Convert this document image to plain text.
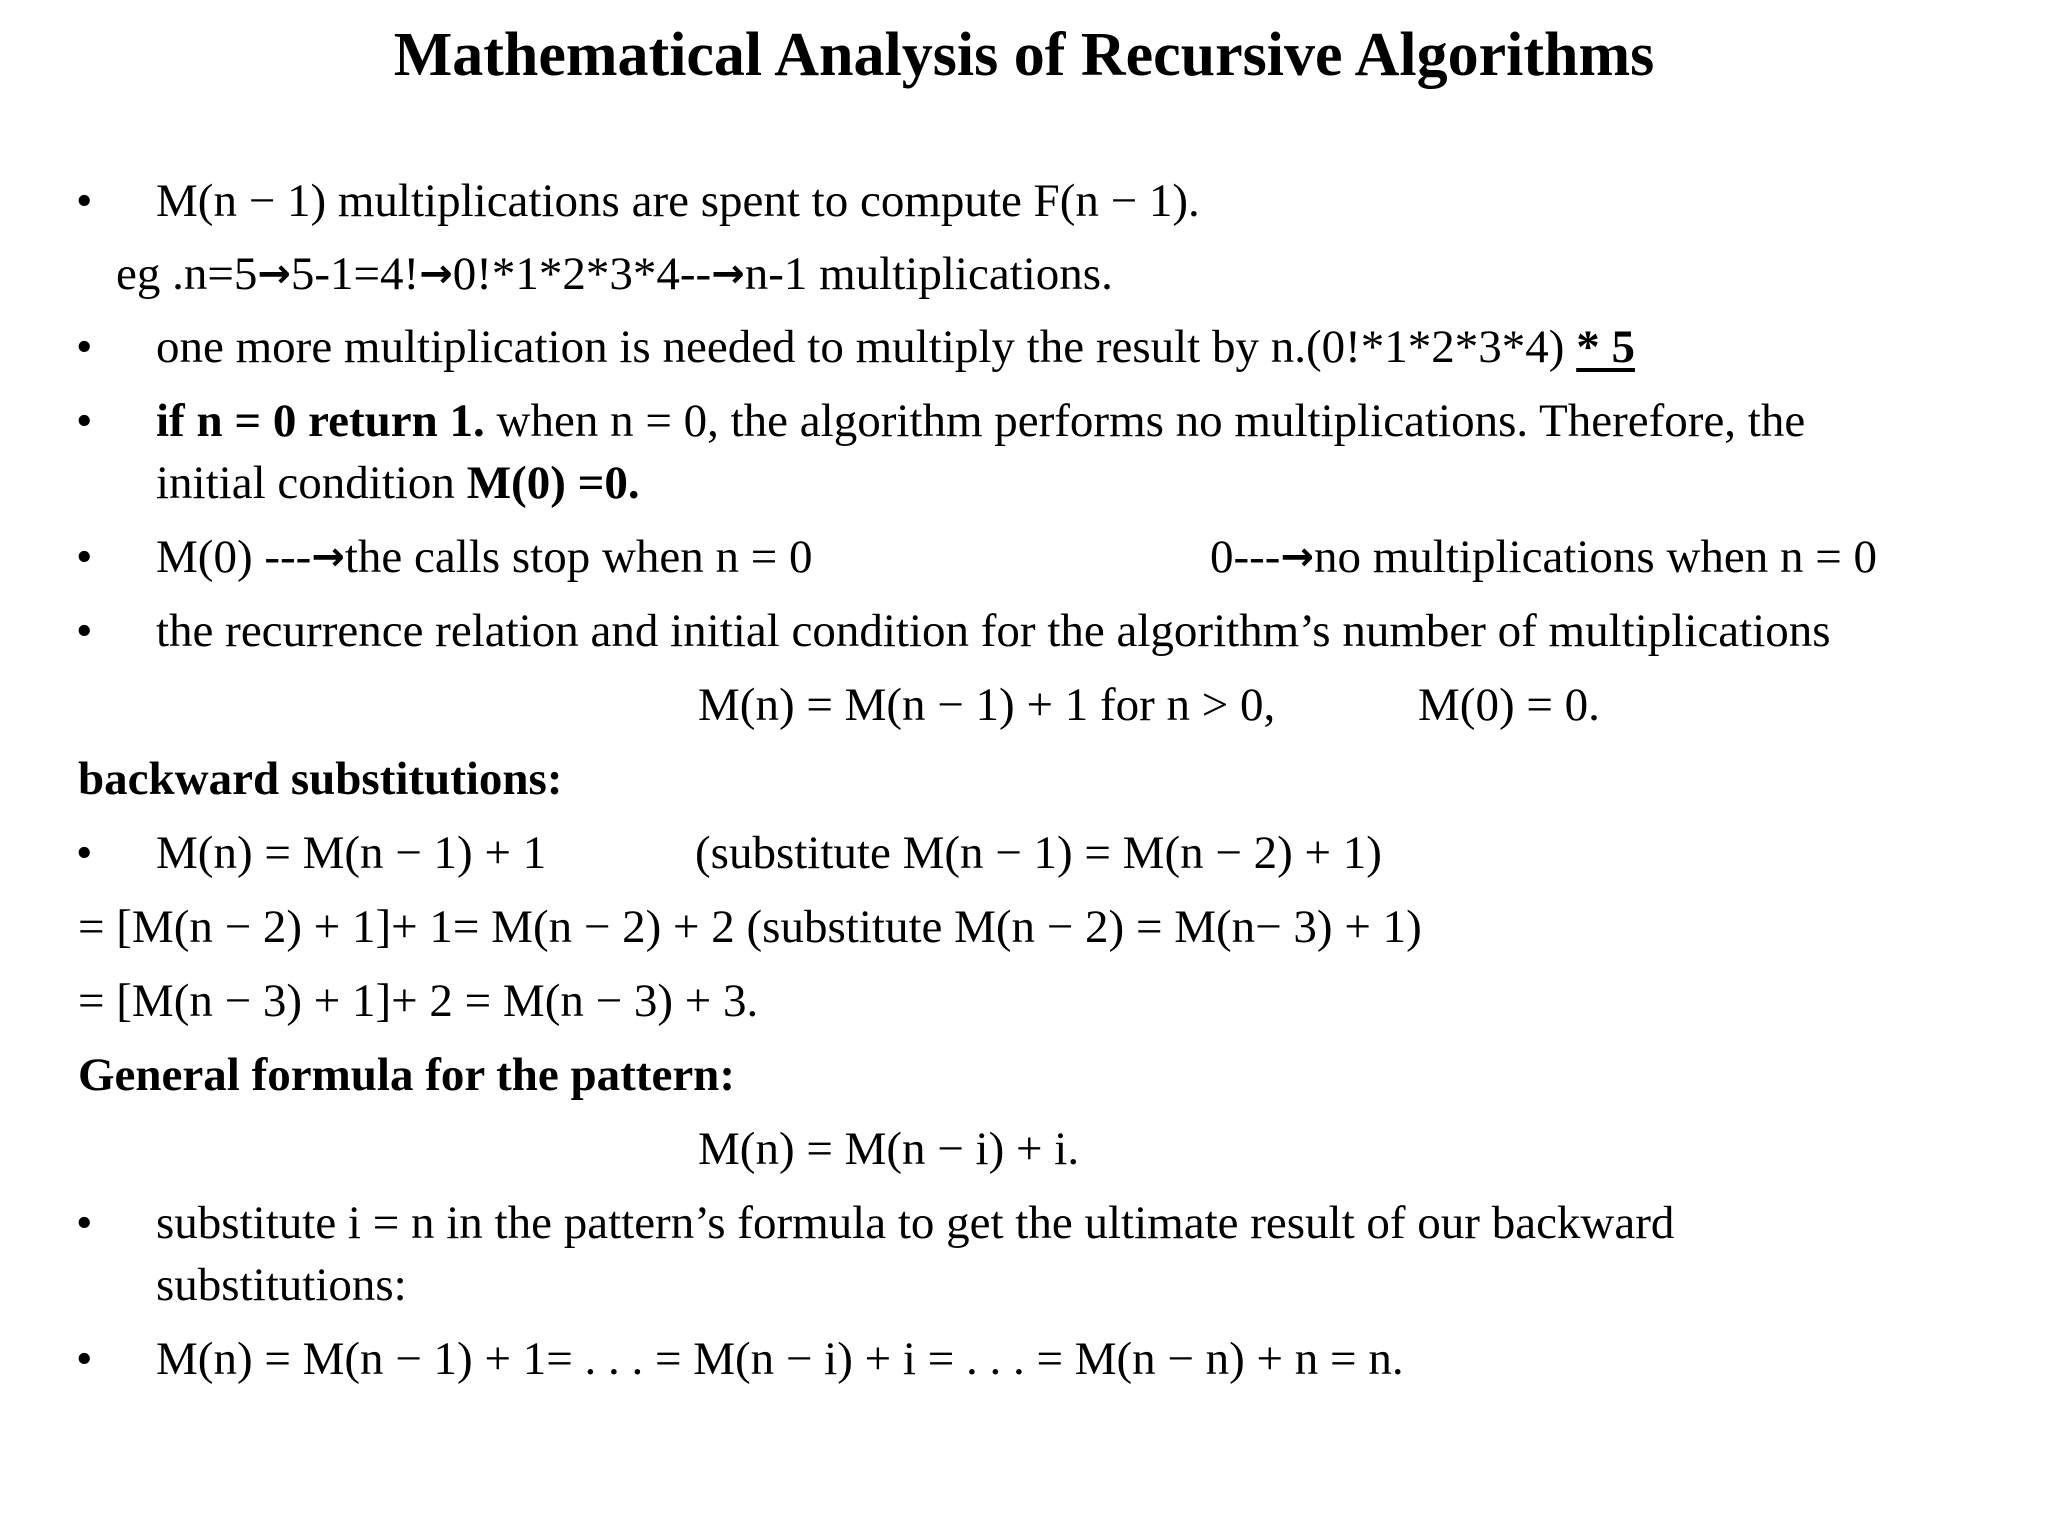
Mathematical Analysis of Recursive Algorithms
• M(n − 1) multiplications are spent to compute F(n − 1).
eg .n=5→5-1=4!→0!*1*2*3*4--→n-1 multiplications.
• one more multiplication is needed to multiply the result by n.(0!*1*2*3*4) * 5
• if n = 0 return 1. when n = 0, the algorithm performs no multiplications. Therefore, the
initial condition M(0) =0.
• M(0) ---→the calls stop when n = 0	0---→no multiplications when n = 0
• the recurrence relation and initial condition for the algorithm’s number of multiplications
M(n) = M(n − 1) + 1 for n > 0,	M(0) = 0.
backward substitutions:
• M(n) = M(n − 1) + 1	(substitute M(n − 1) = M(n − 2) + 1)
= [M(n − 2) + 1]+ 1= M(n − 2) + 2 (substitute M(n − 2) = M(n− 3) + 1)
= [M(n − 3) + 1]+ 2 = M(n − 3) + 3.
General formula for the pattern:
M(n) = M(n − i) + i.
• substitute i = n in the pattern’s formula to get the ultimate result of our backward
substitutions:
• M(n) = M(n − 1) + 1= . . . = M(n − i) + i = . . . = M(n − n) + n = n.
